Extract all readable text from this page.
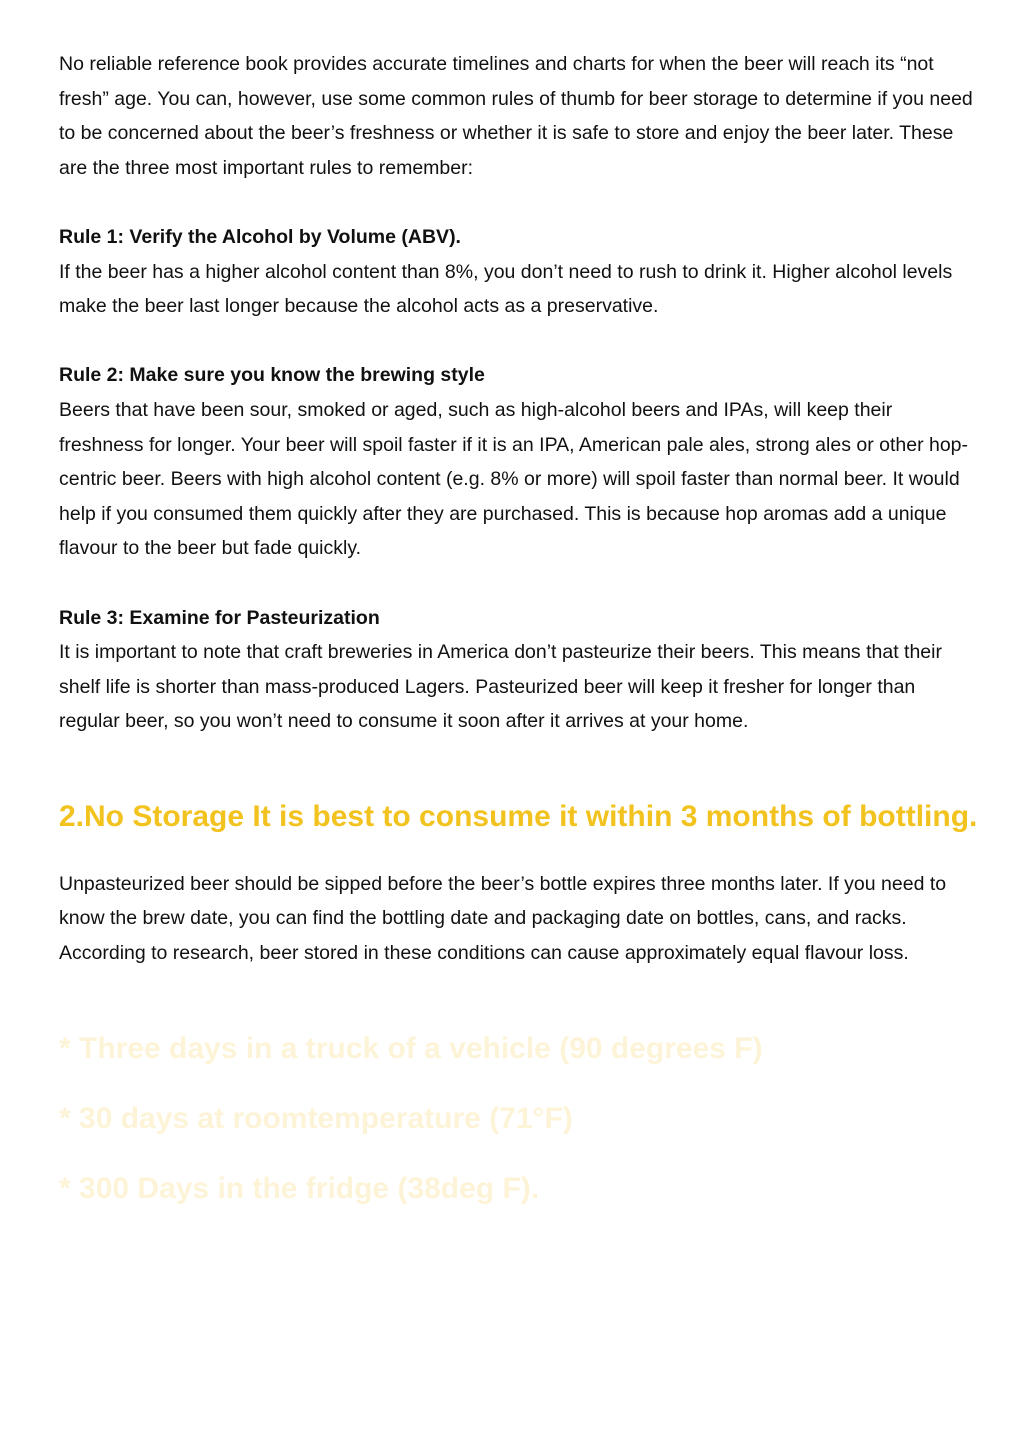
No reliable reference book provides accurate timelines and charts for when the beer will reach its “not fresh” age. You can, however, use some common rules of thumb for beer storage to determine if you need to be concerned about the beer’s freshness or whether it is safe to store and enjoy the beer later. These are the three most important rules to remember:

Rule 1: Verify the Alcohol by Volume (ABV).

If the beer has a higher alcohol content than 8%, you don’t need to rush to drink it. Higher alcohol levels make the beer last longer because the alcohol acts as a preservative.

Rule 2: Make sure you know the brewing style

Beers that have been sour, smoked or aged, such as high-alcohol beers and IPAs, will keep their freshness for longer. Your beer will spoil faster if it is an IPA, American pale ales, strong ales or other hop-centric beer. Beers with high alcohol content (e.g. 8% or more) will spoil faster than normal beer. It would help if you consumed them quickly after they are purchased. This is because hop aromas add a unique flavour to the beer but fade quickly.

Rule 3: Examine for Pasteurization

It is important to note that craft breweries in America don’t pasteurize their beers. This means that their shelf life is shorter than mass-produced Lagers. Pasteurized beer will keep it fresher for longer than regular beer, so you won’t need to consume it soon after it arrives at your home.

2.No Storage It is best to consume it within 3 months of bottling.

Unpasteurized beer should be sipped before the beer’s bottle expires three months later. If you need to know the brew date, you can find the bottling date and packaging date on bottles, cans, and racks. According to research, beer stored in these conditions can cause approximately equal flavour loss.

* Three days in a truck of a vehicle (90 degrees F)
* 30 days at roomtemperature (71°F)
* 300 Days in the fridge (38deg F).
